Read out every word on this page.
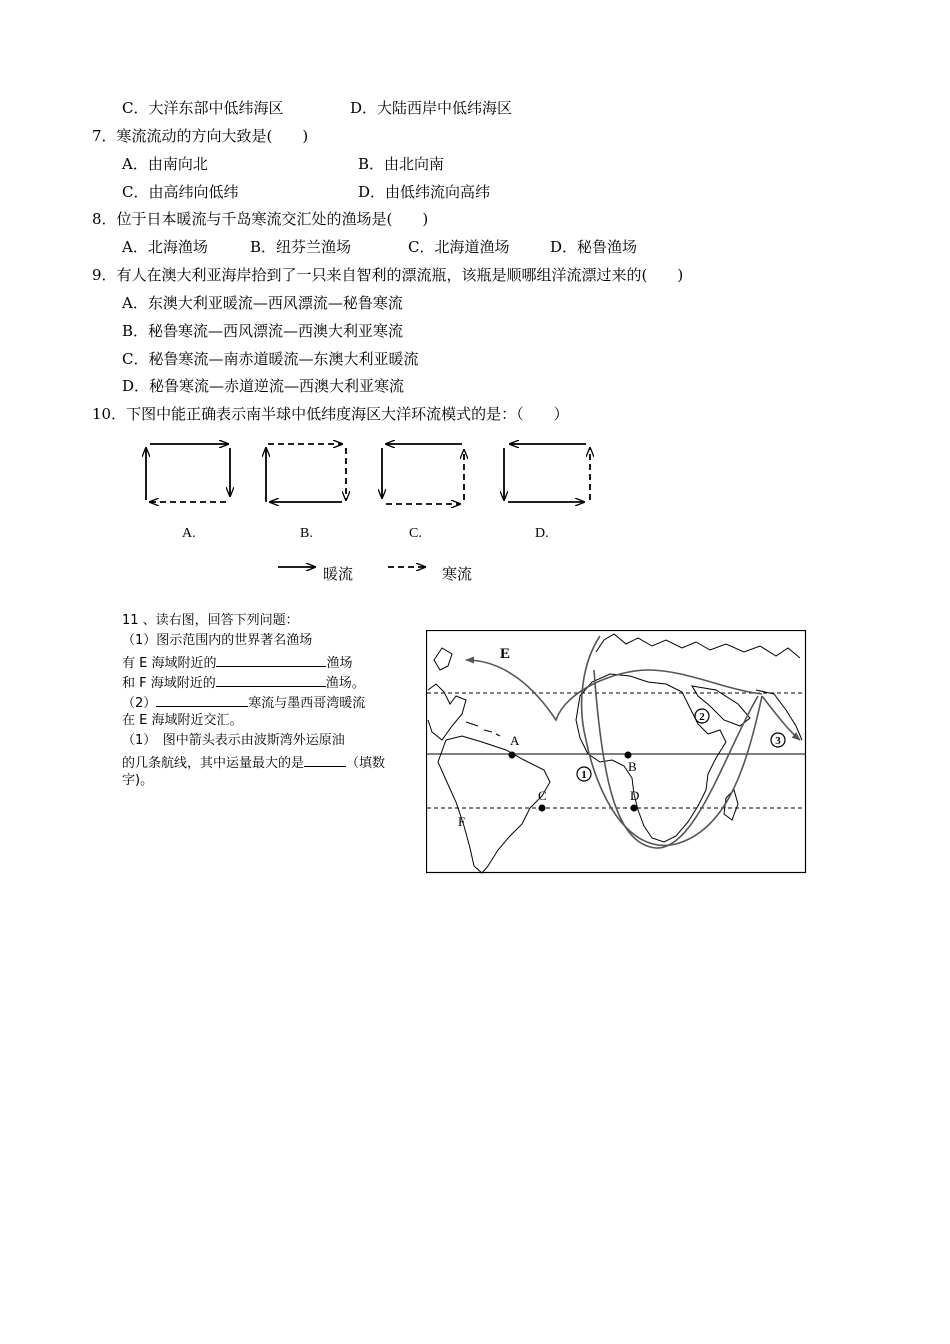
C．大洋东部中低纬海区	D．大陆西岸中低纬海区
7．寒流流动的方向大致是(　　)
A．由南向北	B．由北向南
C．由高纬向低纬	D．由低纬流向高纬
8．位于日本暖流与千岛寒流交汇处的渔场是(　　)
A．北海渔场	B．纽芬兰渔场	C．北海道渔场	D．秘鲁渔场
9．有人在澳大利亚海岸拾到了一只来自智利的漂流瓶，该瓶是顺哪组洋流漂过来的(　　)
A．东澳大利亚暖流—西风漂流—秘鲁寒流
B．秘鲁寒流—西风漂流—西澳大利亚寒流
C．秘鲁寒流—南赤道暖流—东澳大利亚暖流
D．秘鲁寒流—赤道逆流—西澳大利亚寒流
10．下图中能正确表示南半球中低纬度海区大洋环流模式的是：（　　）
A.	B.	C.	D.
暖流	寒流
11 、读右图，回答下列问题：
（1）图示范围内的世界著名渔场
有 E 海域附近的	渔场
和 F 海域附近的	渔场。
（2）	寒流与墨西哥湾暖流
在 E 海域附近交汇。
（1）　图中箭头表示由波斯湾外运原油
的几条航线，其中运量最大的是	（填数
字)。
E
F
A
B
C	D
1
2
3
